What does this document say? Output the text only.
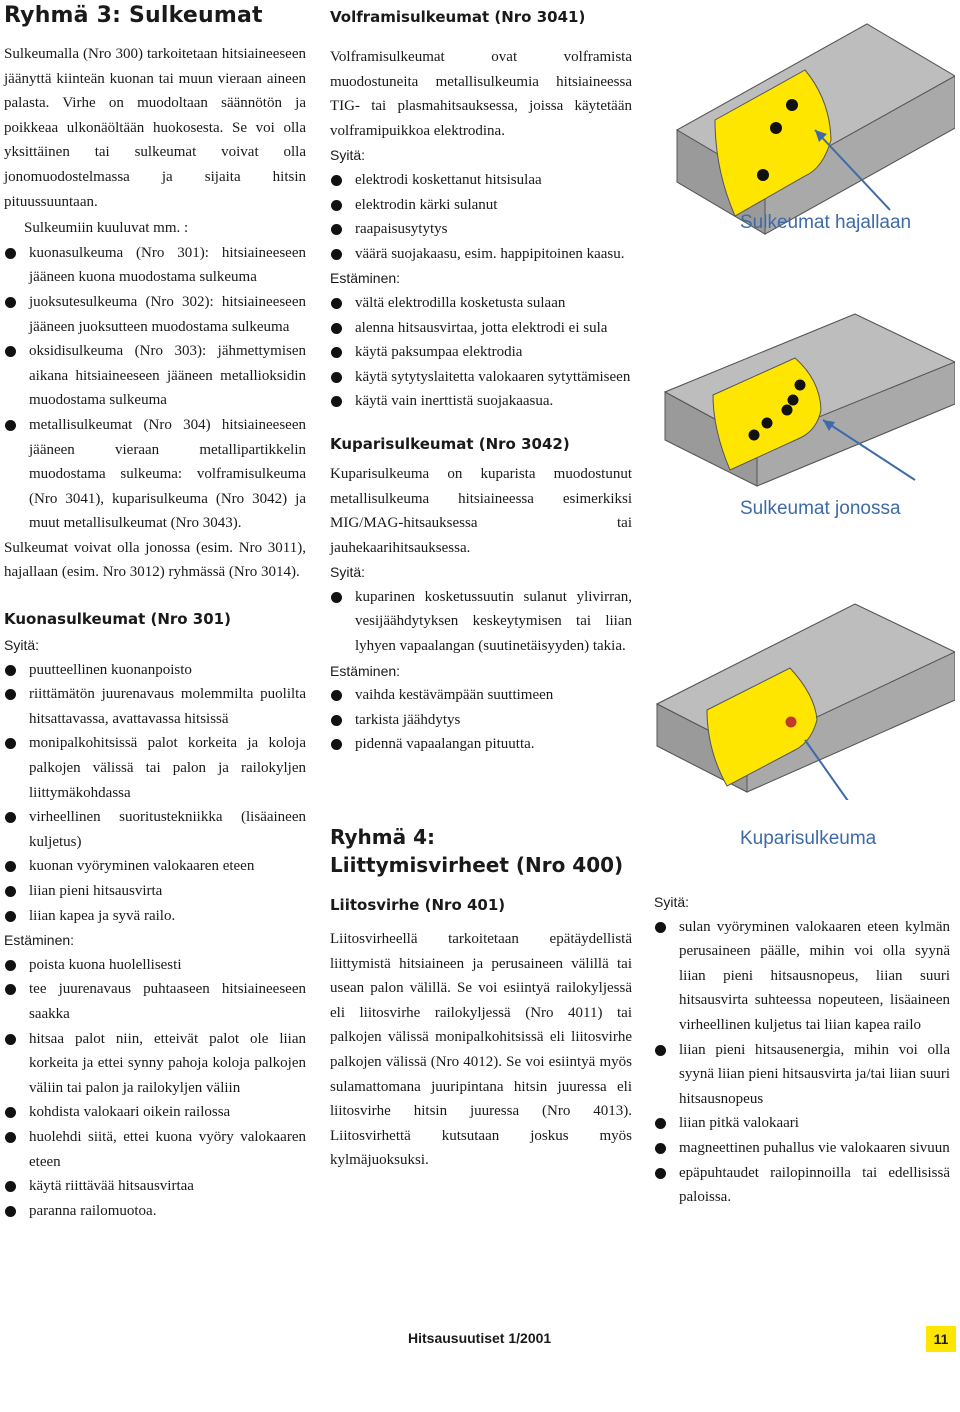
Ryhmä 3: Sulkeumat

Sulkeumalla (Nro 300) tarkoitetaan hitsiaineeseen jäänyttä kiinteän kuonan tai muun vieraan aineen palasta. Virhe on muodoltaan säännötön ja poikkeaa ulkonäöltään huokosesta. Se voi olla yksittäinen tai sulkeumat voivat olla jonomuodostelmassa ja sijaita hitsin pituussuuntaan.

Sulkeumiin kuuluvat mm. :

kuonasulkeuma (Nro 301): hitsiaineeseen jääneen kuona muodostama sulkeuma
juoksutesulkeuma (Nro 302): hitsiaineeseen jääneen juoksutteen muodostama sulkeuma
oksidisulkeuma (Nro 303): jähmettymisen aikana hitsiaineeseen jääneen metallioksidin muodostama sulkeuma
metallisulkeumat (Nro 304) hitsiaineeseen jääneen vieraan metallipartikkelin muodostama sulkeuma: volframisulkeuma (Nro 3041), kuparisulkeuma (Nro 3042) ja muut metallisulkeumat (Nro 3043).

Sulkeumat voivat olla jonossa (esim. Nro 3011), hajallaan (esim. Nro 3012) ryhmässä (Nro 3014).

Kuonasulkeumat (Nro 301)

Syitä:

puutteellinen kuonanpoisto
riittämätön juurenavaus molemmilta puolilta hitsattavassa, avattavassa hitsissä
monipalkohitsissä palot korkeita ja koloja palkojen välissä tai palon ja railokyljen liittymäkohdassa
virheellinen suoritustekniikka (lisäaineen kuljetus)
kuonan vyöryminen valokaaren eteen
liian pieni hitsausvirta
liian kapea ja syvä railo.

Estäminen:

poista kuona huolellisesti
tee juurenavaus puhtaaseen hitsiaineeseen saakka
hitsaa palot niin, etteivät palot ole liian korkeita ja ettei synny pahoja koloja palkojen väliin tai palon ja railokyljen väliin
kohdista valokaari oikein railossa
huolehdi siitä, ettei kuona vyöry valokaaren eteen
käytä riittävää hitsausvirtaa
paranna railomuotoa.
Volframisulkeumat (Nro 3041)

Volframisulkeumat ovat volframista muodostuneita metallisulkeumia hitsiaineessa TIG- tai plasmahitsauksessa, joissa käytetään volframipuikkoa elektrodina.

Syitä:

elektrodi koskettanut hitsisulaa
elektrodin kärki sulanut
raapaisusytytys
väärä suojakaasu, esim. happipitoinen kaasu.

Estäminen:

vältä elektrodilla kosketusta sulaan
alenna hitsausvirtaa, jotta elektrodi ei sula
käytä paksumpaa elektrodia
käytä sytytyslaitetta valokaaren sytyttämiseen
käytä vain inerttistä suojakaasua.
Kuparisulkeumat (Nro 3042)

Kuparisulkeuma on kuparista muodostunut metallisulkeuma hitsiaineessa esimerkiksi MIG/MAG-hitsauksessa tai jauhekaarihitsauksessa.

Syitä:

kuparinen kosketussuutin sulanut ylivirran, vesijäähdytyksen keskeytymisen tai liian lyhyen vapaalangan (suutinetäisyyden) takia.

Estäminen:

vaihda kestävämpään suuttimeen
tarkista jäähdytys
pidennä vapaalangan pituutta.
Ryhmä 4:
Liittymisvirheet (Nro 400)
Liitosvirhe (Nro 401)

Liitosvirheellä tarkoitetaan epätäydellistä liittymistä hitsiaineen ja perusaineen välillä tai usean palon välillä. Se voi esiintyä railokyljessä eli liitosvirhe railokyljessä (Nro 4011) tai palkojen välissä monipalkohitsissä eli liitosvirhe palkojen välissä (Nro 4012). Se voi esiintyä myös sulamattomana juuripintana hitsin juuressa eli liitosvirhe hitsin juuressa (Nro 4013). Liitosvirhettä kutsutaan joskus myös kylmäjuoksuksi.

Sulkeumat hajallaan
Sulkeumat jonossa
Kuparisulkeuma

Syitä:

sulan vyöryminen valokaaren eteen kylmän perusaineen päälle, mihin voi olla syynä liian pieni hitsausnopeus, liian suuri hitsausvirta suhteessa nopeuteen, lisäaineen virheellinen kuljetus tai liian kapea railo
liian pieni hitsausenergia, mihin voi olla syynä liian pieni hitsausvirta ja/tai liian suuri hitsausnopeus
liian pitkä valokaari
magneettinen puhallus vie valokaaren sivuun
epäpuhtaudet railopinnoilla tai edellisissä paloissa.
Hitsausuutiset 1/2001	11
